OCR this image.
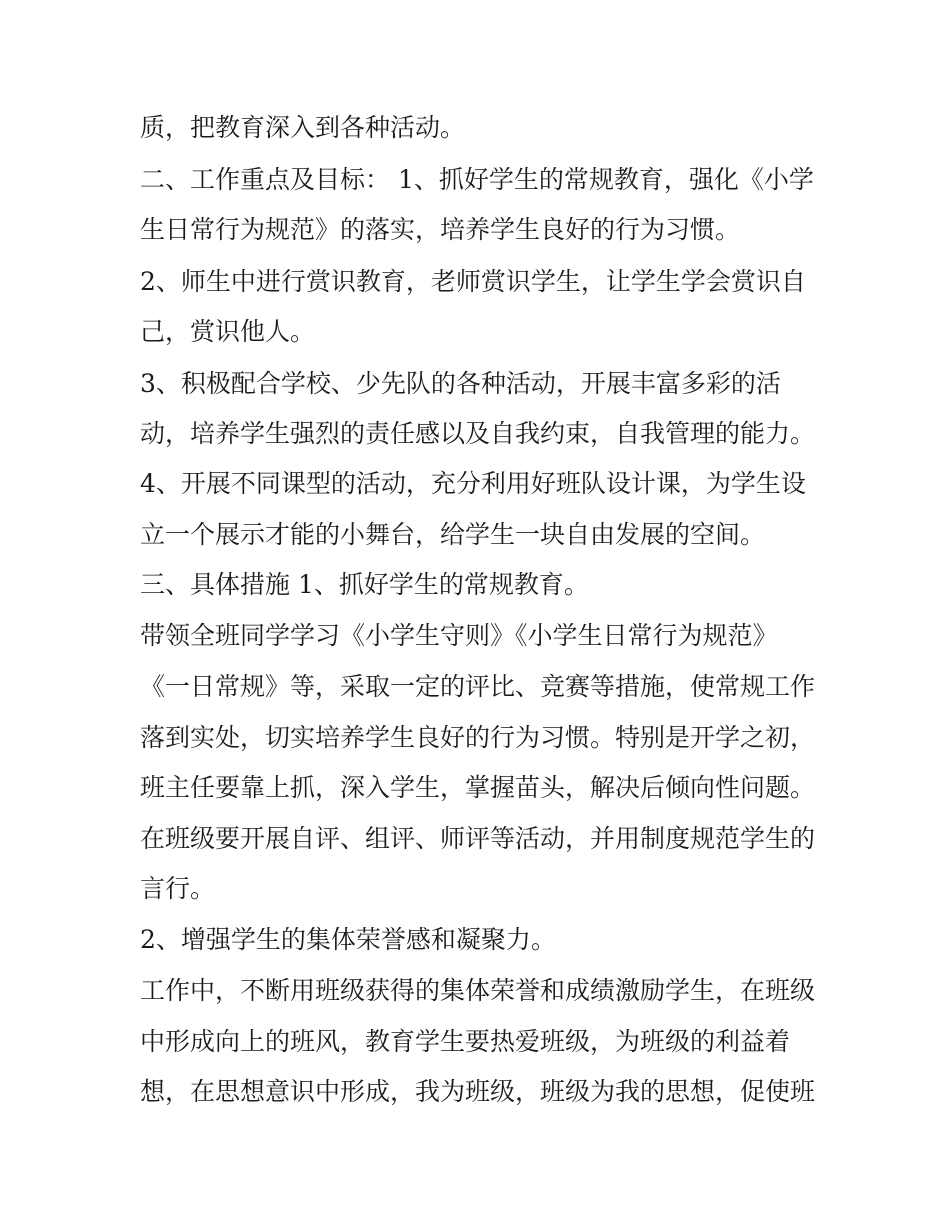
质，把教育深入到各种活动。
二、工作重点及目标： 1、抓好学生的常规教育，强化《小学
生日常行为规范》的落实，培养学生良好的行为习惯。
2、师生中进行赏识教育，老师赏识学生，让学生学会赏识自
己，赏识他人。
3、积极配合学校、少先队的各种活动，开展丰富多彩的活
动，培养学生强烈的责任感以及自我约束，自我管理的能力。
4、开展不同课型的活动，充分利用好班队设计课，为学生设
立一个展示才能的小舞台，给学生一块自由发展的空间。
三、具体措施 1、抓好学生的常规教育。
带领全班同学学习《小学生守则》《小学生日常行为规范》
《一日常规》等，采取一定的评比、竞赛等措施，使常规工作
落到实处，切实培养学生良好的行为习惯。特别是开学之初，
班主任要靠上抓，深入学生，掌握苗头，解决后倾向性问题。
在班级要开展自评、组评、师评等活动，并用制度规范学生的
言行。
2、增强学生的集体荣誉感和凝聚力。
工作中，不断用班级获得的集体荣誉和成绩激励学生，在班级
中形成向上的班风，教育学生要热爱班级，为班级的利益着
想，在思想意识中形成，我为班级，班级为我的思想，促使班
